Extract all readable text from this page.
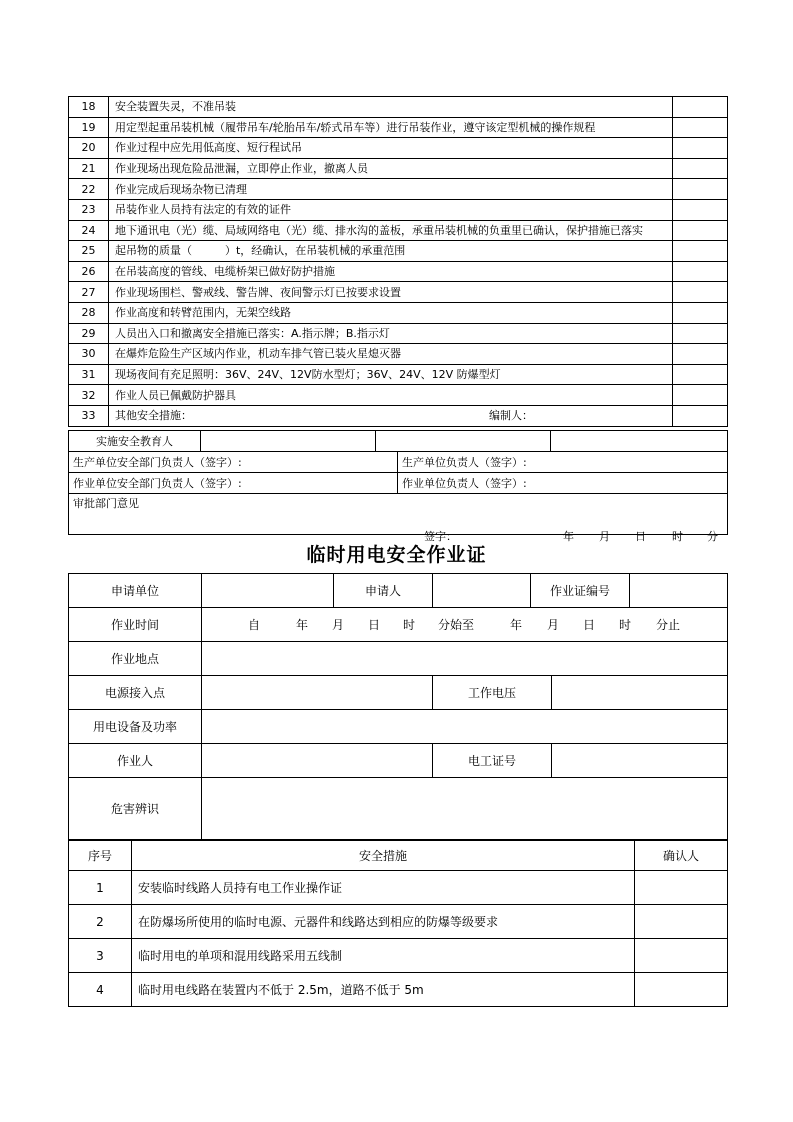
18	安全装置失灵，不准吊装	
19	用定型起重吊装机械（履带吊车/轮胎吊车/轿式吊车等）进行吊装作业，遵守该定型机械的操作规程	
20	作业过程中应先用低高度、短行程试吊	
21	作业现场出现危险品泄漏，立即停止作业，撤离人员	
22	作业完成后现场杂物已清理	
23	吊装作业人员持有法定的有效的证件	
24	地下通讯电（光）缆、局域网络电（光）缆、排水沟的盖板，承重吊装机械的负重里已确认，保护措施已落实	
25	起吊物的质量（　　　）t，经确认，在吊装机械的承重范围	
26	在吊装高度的管线、电缆桥架已做好防护措施	
27	作业现场围栏、警戒线、警告牌、夜间警示灯已按要求设置	
28	作业高度和转臂范围内，无架空线路	
29	人员出入口和撤离安全措施已落实：A.指示牌；B.指示灯	
30	在爆炸危险生产区域内作业，机动车排气管已装火星熄灭器	
31	现场夜间有充足照明：36V、24V、12V防水型灯；36V、24V、12V 防爆型灯	
32	作业人员已佩戴防护器具	
33	其他安全措施：	编制人：

实施安全教育人			
生产单位安全部门负责人（签字）:	生产单位负责人（签字）:
作业单位安全部门负责人（签字）:	作业单位负责人（签字）:

审批部门意见
签字：	年 月 日 时 分
临时用电安全作业证
申请单位		申请人		作业证编号	
作业时间	自	年 月 日 时 分始至	年 月 日 时 分止

作业地点	
电源接入点		工作电压	
用电设备及功率	
作业人		电工证号	
危害辨识	
序号	安全措施	确认人
1	安装临时线路人员持有电工作业操作证	
2	在防爆场所使用的临时电源、元器件和线路达到相应的防爆等级要求	
3	临时用电的单项和混用线路采用五线制	
4	临时用电线路在装置内不低于 2.5m，道路不低于 5m	
